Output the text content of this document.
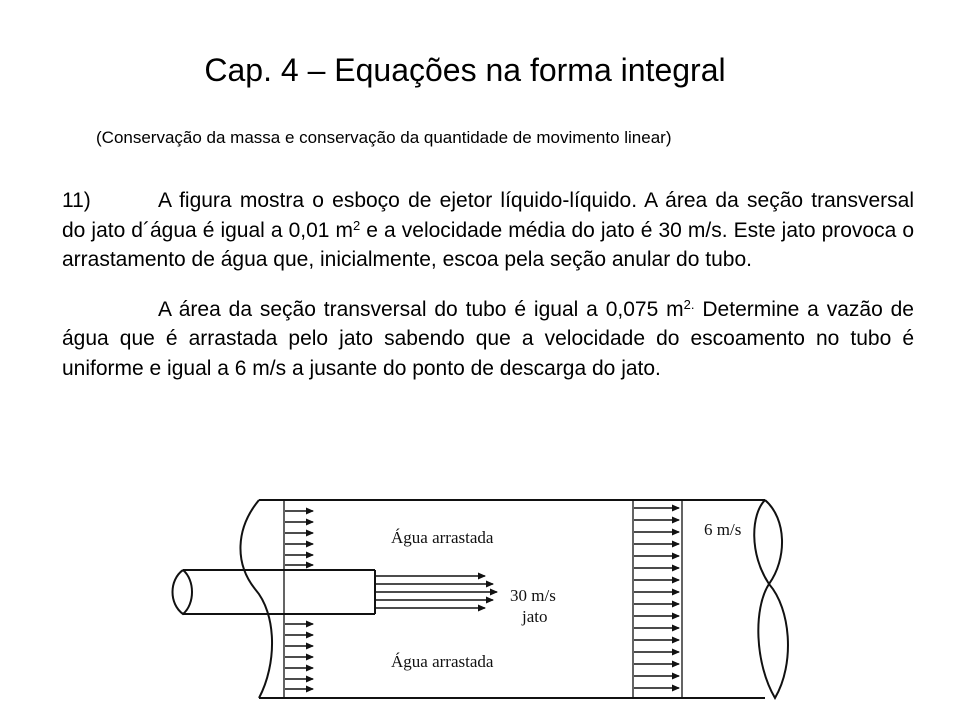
Cap. 4 – Equações na forma integral
(Conservação da massa e conservação da quantidade de movimento linear)

11)	A figura mostra o esboço de ejetor líquido-líquido. A área da seção transversal do jato d´água é igual a 0,01 $m^2$ e a velocidade média do jato é 30 m/s. Este jato provoca o arrastamento de água que, inicialmente, escoa pela seção anular do tubo.

A área da seção transversal do tubo é igual a 0,075 $m^{2.}$ Determine a vazão de água que é arrastada pelo jato sabendo que a velocidade do escoamento no tubo é uniforme e igual a 6 m/s a jusante do ponto de descarga do jato.

Água arrastada
Água arrastada
30 m/s
jato
6 m/s
